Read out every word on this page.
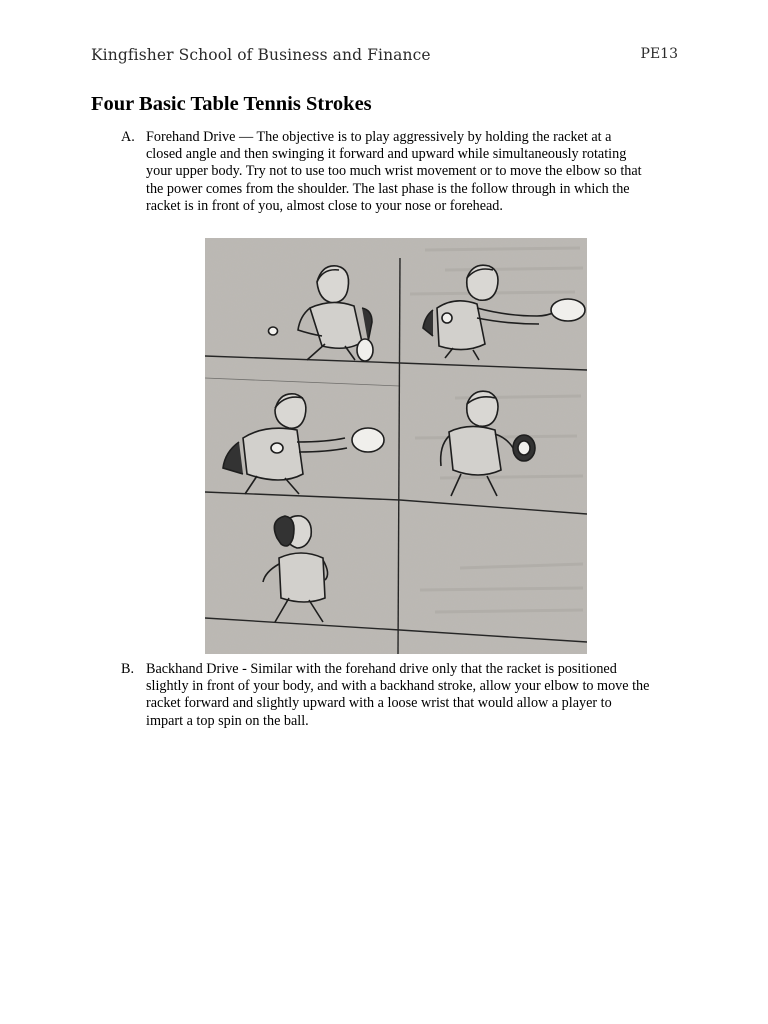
Kingfisher School of Business and Finance	PE13
Four Basic Table Tennis Strokes
A. Forehand Drive — The objective is to play aggressively by holding the racket at a closed angle and then swinging it forward and upward while simultaneously rotating your upper body. Try not to use too much wrist movement or to move the elbow so that the power comes from the shoulder. The last phase is the follow through in which the racket is in front of you, almost close to your nose or forehead.
B. Backhand Drive - Similar with the forehand drive only that the racket is positioned slightly in front of your body, and with a backhand stroke, allow your elbow to move the racket forward and slightly upward with a loose wrist that would allow a player to impart a top spin on the ball.
